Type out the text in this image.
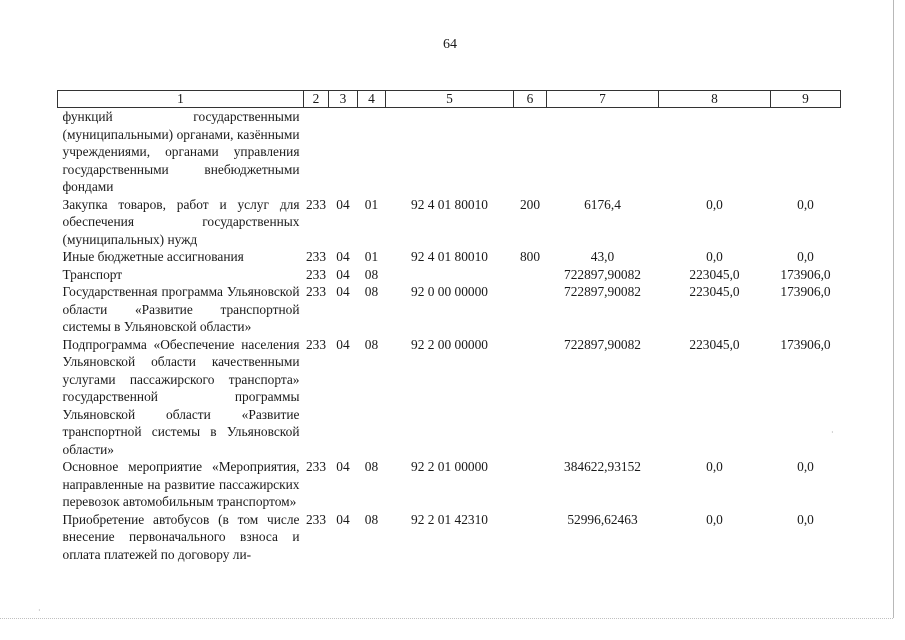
64
1	2	3	4	5	6	7	8	9
функций государственными (муниципальными) органами, казёнными учреждениями, органами управления государственными внебюджетными фондами								
Закупка товаров, работ и услуг для обеспечения государственных (муниципальных) нужд	233	04	01	92 4 01 80010	200	6176,4	0,0	0,0
Иные бюджетные ассигнования	233	04	01	92 4 01 80010	800	43,0	0,0	0,0
Транспорт	233	04	08			722897,90082	223045,0	173906,0
Государственная программа Ульяновской области «Развитие транспортной системы в Ульяновской области»	233	04	08	92 0 00 00000		722897,90082	223045,0	173906,0
Подпрограмма «Обеспечение населения Ульяновской области качественными услугами пассажирского транспорта» государственной программы Ульяновской области «Развитие транспортной системы в Ульяновской области»	233	04	08	92 2 00 00000		722897,90082	223045,0	173906,0
Основное мероприятие «Мероприятия, направленные на развитие пассажирских перевозок автомобильным транспортом»	233	04	08	92 2 01 00000		384622,93152	0,0	0,0
Приобретение автобусов (в том числе внесение первоначального взноса и оплата платежей по договору ли-	233	04	08	92 2 01 42310		52996,62463	0,0	0,0
·
·
